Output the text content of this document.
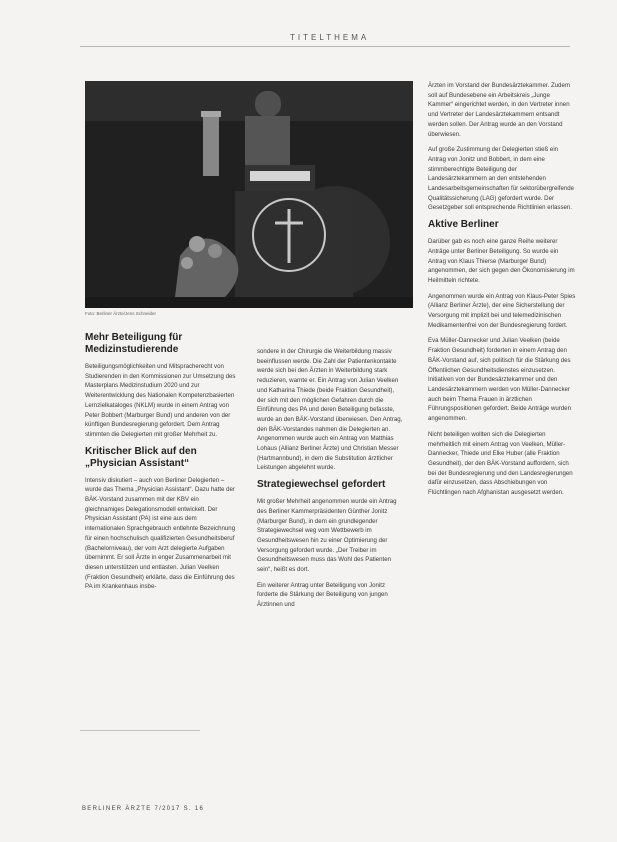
TITELTHEMA
Foto: Berliner Ärzte/Jens Schneider
Mehr Beteiligung für Medizinstudierende

Beteiligungsmöglichkeiten und Mitspracherecht von Studierenden in den Kommissionen zur Umsetzung des Masterplans Medizinstudium 2020 und zur Weiterentwicklung des Nationalen Kompetenzbasierten Lernzielkataloges (NKLM) wurde in einem Antrag von Peter Bobbert (Marburger Bund) und anderen von der künftigen Bundesregierung gefordert. Dem Antrag stimmten die Delegierten mit großer Mehrheit zu.

Kritischer Blick auf den „Physician Assistant“

Intensiv diskutiert – auch von Berliner Delegierten – wurde das Thema „Physician Assistant“. Dazu hatte der BÄK-Vorstand zusammen mit der KBV ein gleichnamiges Delegationsmodell entwickelt. Der Physician Assistant (PA) ist eine aus dem internationalen Sprachgebrauch entlehnte Bezeichnung für einen hochschulisch qualifizierten Gesundheitsberuf (Bachelorniveau), der vom Arzt delegierte Aufgaben übernimmt. Er soll Ärzte in enger Zusammenarbeit mit diesen unterstützen und entlasten. Julian Veelken (Fraktion Gesundheit) erklärte, dass die Einführung des PA im Krankenhaus insbe-

sondere in der Chirurgie die Weiterbildung massiv beeinflussen werde. Die Zahl der Patientenkontakte werde sich bei den Ärzten in Weiterbildung stark reduzieren, warnte er. Ein Antrag von Julian Veelken und Katharina Thiede (beide Fraktion Gesundheit), der sich mit den möglichen Gefahren durch die Einführung des PA und deren Beteiligung befasste, wurde an den BÄK-Vorstand überwiesen. Den Antrag, den BÄK-Vorstandes nahmen die Delegierten an. Angenommen wurde auch ein Antrag von Matthias Lohaus (Allianz Berliner Ärzte) und Christian Messer (Hartmannbund), in dem die Substitution ärztlicher Leistungen abgelehnt wurde.

Strategiewechsel gefordert

Mit großer Mehrheit angenommen wurde ein Antrag des Berliner Kammerpräsidenten Günther Jonitz (Marburger Bund), in dem ein grundlegender Strategiewechsel weg vom Wettbewerb im Gesundheitswesen hin zu einer Optimierung der Versorgung gefordert wurde. „Der Treiber im Gesundheitswesen muss das Wohl des Patienten sein“, heißt es dort.

Ein weiterer Antrag unter Beteiligung von Jonitz forderte die Stärkung der Beteiligung von jungen Ärztinnen und

Ärzten im Vorstand der Bundesärztekammer. Zudem soll auf Bundesebene ein Arbeitskreis „Junge Kammer“ eingerichtet werden, in den Vertreter innen und Vertreter der Landesärztekammern entsandt werden sollen. Der Antrag wurde an den Vorstand überwiesen.

Auf große Zustimmung der Delegierten stieß ein Antrag von Jonitz und Bobbert, in dem eine stimmberechtigte Beteiligung der Landesärztekammern an den entstehenden Landesarbeitsgemeinschaften für sektorübergreifende Qualitätssicherung (LAG) gefordert wurde. Der Gesetzgeber soll entsprechende Richtlinien erlassen.

Aktive Berliner

Darüber gab es noch eine ganze Reihe weiterer Anträge unter Berliner Beteiligung. So wurde ein Antrag von Klaus Thierse (Marburger Bund) angenommen, der sich gegen den Ökonomisierung im Heilmitteln richtete.

Angenommen wurde ein Antrag von Klaus-Peter Spies (Allianz Berliner Ärzte), der eine Sicherstellung der Versorgung mit implizit bei und telemedizinischen Medikamentenfrei von der Bundesregierung fordert.

Eva Müller-Dannecker und Julian Veelken (beide Fraktion Gesundheit) forderten in einem Antrag den BÄK-Vorstand auf, sich politisch für die Stärkung des Öffentlichen Gesundheitsdienstes einzusetzen. Initiativen von der Bundesärztekammer und den Landesärztekammern werden von Müller-Dannecker auch beim Thema Frauen in ärztlichen Führungspositionen gefordert. Beide Anträge wurden angenommen.

Nicht beteiligen wollten sich die Delegierten mehrheitlich mit einem Antrag von Veelken, Müller-Dannecker, Thiede und Elke Huber (alle Fraktion Gesundheit), der den BÄK-Vorstand auffordern, sich bei der Bundesregierung und den Landesregierungen dafür einzusetzen, dass Abschiebungen von Flüchtlingen nach Afghanistan ausgesetzt werden.

BERLINER ÄRZTE 7/2017 S. 16
